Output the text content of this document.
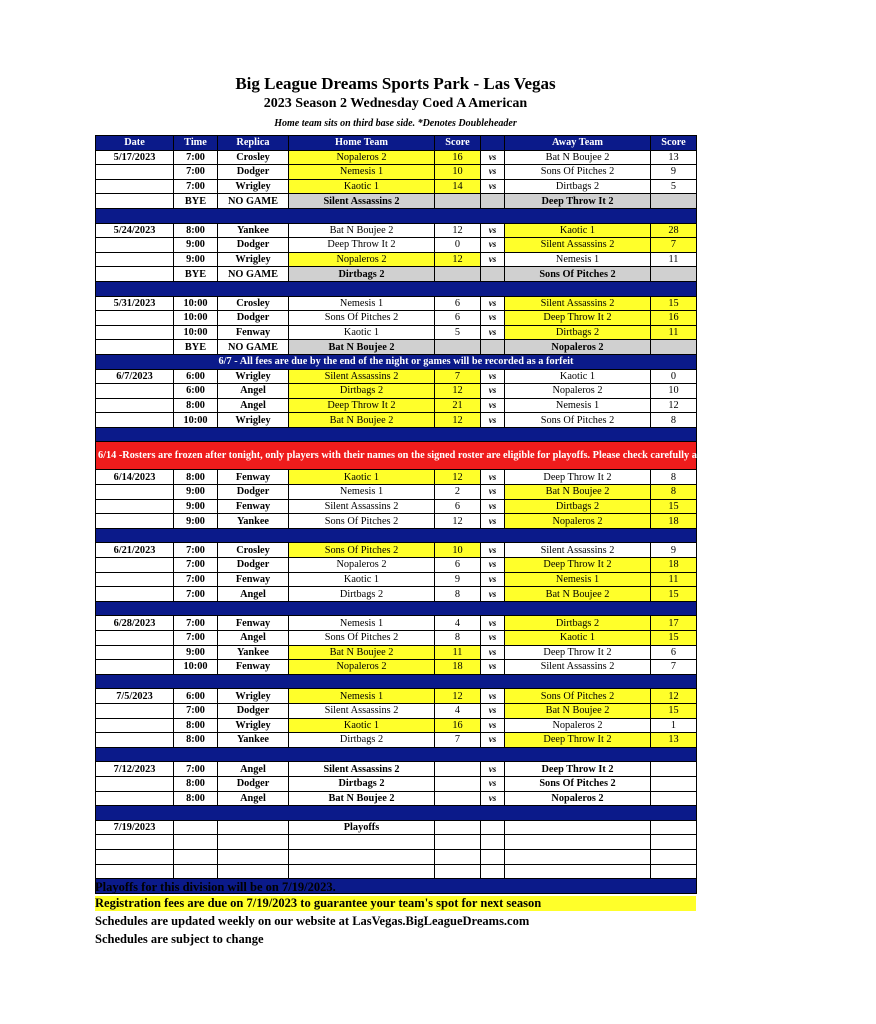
Big League Dreams Sports Park - Las Vegas
2023 Season 2 Wednesday Coed A American
Home team sits on third base side. *Denotes Doubleheader
Date	Time	Replica	Home Team	Score		Away Team	Score
5/17/2023	7:00	Crosley	Nopaleros 2	16	vs	Bat N Boujee 2	13
	7:00	Dodger	Nemesis 1	10	vs	Sons Of Pitches 2	9
	7:00	Wrigley	Kaotic 1	14	vs	Dirtbags 2	5
	BYE	NO GAME	Silent Assassins 2			Deep Throw It 2	

5/24/2023	8:00	Yankee	Bat N Boujee 2	12	vs	Kaotic 1	28
	9:00	Dodger	Deep Throw It 2	0	vs	Silent Assassins 2	7
	9:00	Wrigley	Nopaleros 2	12	vs	Nemesis 1	11
	BYE	NO GAME	Dirtbags 2			Sons Of Pitches 2	

5/31/2023	10:00	Crosley	Nemesis 1	6	vs	Silent Assassins 2	15
	10:00	Dodger	Sons Of Pitches 2	6	vs	Deep Throw It 2	16
	10:00	Fenway	Kaotic 1	5	vs	Dirtbags 2	11
	BYE	NO GAME	Bat N Boujee 2			Nopaleros 2	
6/7 - All fees are due by the end of the night or games will be recorded as a forfeit							
6/7/2023	6:00	Wrigley	Silent Assassins 2	7	vs	Kaotic 1	0
	6:00	Angel	Dirtbags 2	12	vs	Nopaleros 2	10
	8:00	Angel	Deep Throw It 2	21	vs	Nemesis 1	12
	10:00	Wrigley	Bat N Boujee 2	12	vs	Sons Of Pitches 2	8

6/14 -Rosters are frozen after tonight, only players with their names on the signed roster are eligible for playoffs. Please check carefully as changes will not be made for omissions.							
6/14/2023	8:00	Fenway	Kaotic 1	12	vs	Deep Throw It 2	8
	9:00	Dodger	Nemesis 1	2	vs	Bat N Boujee 2	8
	9:00	Fenway	Silent Assassins 2	6	vs	Dirtbags 2	15
	9:00	Yankee	Sons Of Pitches 2	12	vs	Nopaleros 2	18

6/21/2023	7:00	Crosley	Sons Of Pitches 2	10	vs	Silent Assassins 2	9
	7:00	Dodger	Nopaleros 2	6	vs	Deep Throw It 2	18
	7:00	Fenway	Kaotic 1	9	vs	Nemesis 1	11
	7:00	Angel	Dirtbags 2	8	vs	Bat N Boujee 2	15

6/28/2023	7:00	Fenway	Nemesis 1	4	vs	Dirtbags 2	17
	7:00	Angel	Sons Of Pitches 2	8	vs	Kaotic 1	15
	9:00	Yankee	Bat N Boujee 2	11	vs	Deep Throw It 2	6
	10:00	Fenway	Nopaleros 2	18	vs	Silent Assassins 2	7

7/5/2023	6:00	Wrigley	Nemesis 1	12	vs	Sons Of Pitches 2	12
	7:00	Dodger	Silent Assassins 2	4	vs	Bat N Boujee 2	15
	8:00	Wrigley	Kaotic 1	16	vs	Nopaleros 2	1
	8:00	Yankee	Dirtbags 2	7	vs	Deep Throw It 2	13

7/12/2023	7:00	Angel	Silent Assassins 2		vs	Deep Throw It 2	
	8:00	Dodger	Dirtbags 2		vs	Sons Of Pitches 2	
	8:00	Angel	Bat N Boujee 2		vs	Nopaleros 2	

7/19/2023			Playoffs				

Playoffs for this division will be on 7/19/2023.
Registration fees are due on 7/19/2023 to guarantee your team's spot for next season
Schedules are updated weekly on our website at LasVegas.BigLeagueDreams.com
Schedules are subject to change
